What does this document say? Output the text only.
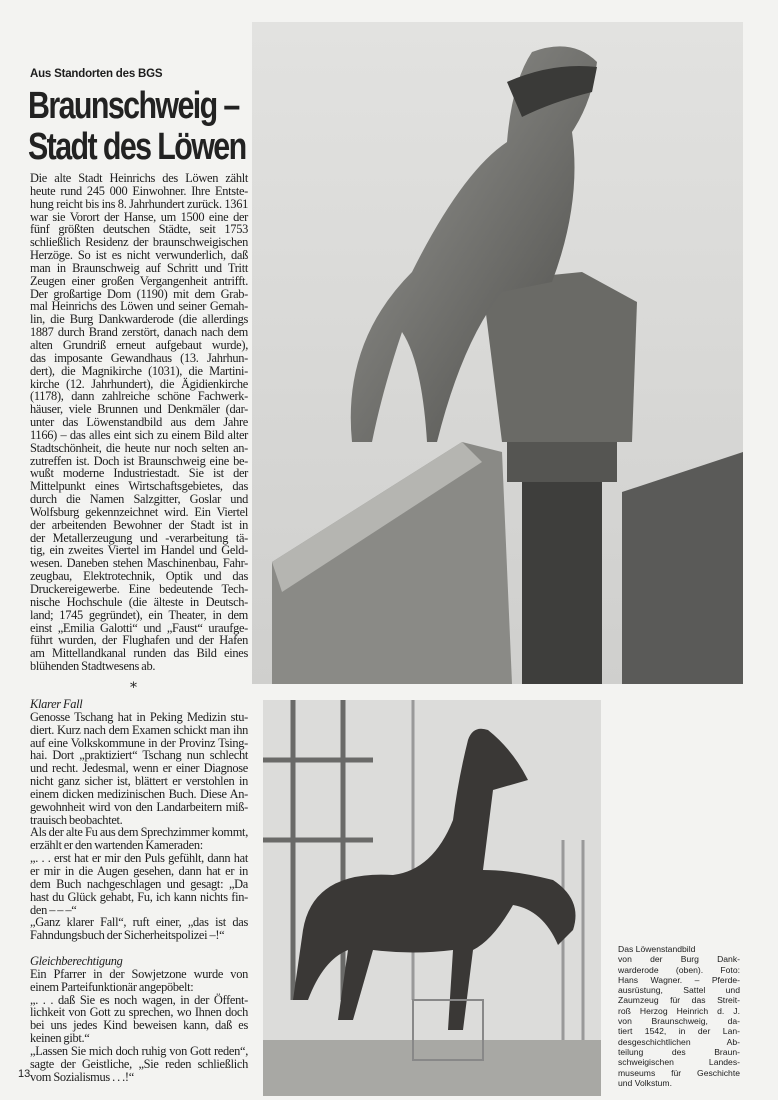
Aus Standorten des BGS
Braunschweig –
Stadt des Löwen
Die alte Stadt Heinrichs des Löwen zählt
heute rund 245 000 Einwohner. Ihre Entste-
hung reicht bis ins 8. Jahrhundert zurück. 1361
war sie Vorort der Hanse, um 1500 eine der
fünf größten deutschen Städte, seit 1753
schließlich Residenz der braunschweigischen
Herzöge. So ist es nicht verwunderlich, daß
man in Braunschweig auf Schritt und Tritt
Zeugen einer großen Vergangenheit antrifft.
Der großartige Dom (1190) mit dem Grab-
mal Heinrichs des Löwen und seiner Gemah-
lin, die Burg Dankwarderode (die allerdings
1887 durch Brand zerstört, danach nach dem
alten Grundriß erneut aufgebaut wurde),
das imposante Gewandhaus (13. Jahrhun-
dert), die Magnikirche (1031), die Martini-
kirche (12. Jahrhundert), die Ägidienkirche
(1178), dann zahlreiche schöne Fachwerk-
häuser, viele Brunnen und Denkmäler (dar-
unter das Löwenstandbild aus dem Jahre
1166) – das alles eint sich zu einem Bild alter
Stadtschönheit, die heute nur noch selten an-
zutreffen ist. Doch ist Braunschweig eine be-
wußt moderne Industriestadt. Sie ist der
Mittelpunkt eines Wirtschaftsgebietes, das
durch die Namen Salzgitter, Goslar und
Wolfsburg gekennzeichnet wird. Ein Viertel
der arbeitenden Bewohner der Stadt ist in
der Metallerzeugung und -verarbeitung tä-
tig, ein zweites Viertel im Handel und Geld-
wesen. Daneben stehen Maschinenbau, Fahr-
zeugbau, Elektrotechnik, Optik und das
Druckereigewerbe. Eine bedeutende Tech-
nische Hochschule (die älteste in Deutsch-
land; 1745 gegründet), ein Theater, in dem
einst „Emilia Galotti“ und „Faust“ uraufge-
führt wurden, der Flughafen und der Hafen
am Mittellandkanal runden das Bild eines
blühenden Stadtwesens ab.
*
Klarer Fall
Genosse Tschang hat in Peking Medizin stu-
diert. Kurz nach dem Examen schickt man ihn
auf eine Volkskommune in der Provinz Tsing-
hai. Dort „praktiziert“ Tschang nun schlecht
und recht. Jedesmal, wenn er einer Diagnose
nicht ganz sicher ist, blättert er verstohlen in
einem dicken medizinischen Buch. Diese An-
gewohnheit wird von den Landarbeitern miß-
trauisch beobachtet.
Als der alte Fu aus dem Sprechzimmer kommt,
erzählt er den wartenden Kameraden:
„. . . erst hat er mir den Puls gefühlt, dann hat
er mir in die Augen gesehen, dann hat er in
dem Buch nachgeschlagen und gesagt: „Da
hast du Glück gehabt, Fu, ich kann nichts fin-
den – – –“
„Ganz klarer Fall“, ruft einer, „das ist das
Fahndungsbuch der Sicherheitspolizei –!“
Gleichberechtigung
Ein Pfarrer in der Sowjetzone wurde von
einem Parteifunktionär angepöbelt:
„. . . daß Sie es noch wagen, in der Öffent-
lichkeit von Gott zu sprechen, wo Ihnen doch
bei uns jedes Kind beweisen kann, daß es
keinen gibt.“
„Lassen Sie mich doch ruhig von Gott reden“,
sagte der Geistliche, „Sie reden schließlich
vom Sozialismus . . .!“
13
Das Löwenstandbild
von der Burg Dank-
warderode (oben). Foto:
Hans Wagner. – Pferde-
ausrüstung, Sattel und
Zaumzeug für das Streit-
roß Herzog Heinrich d. J.
von Braunschweig, da-
tiert 1542, in der Lan-
desgeschichtlichen Ab-
teilung des Braun-
schweigischen Landes-
museums für Geschichte
und Volkstum.
